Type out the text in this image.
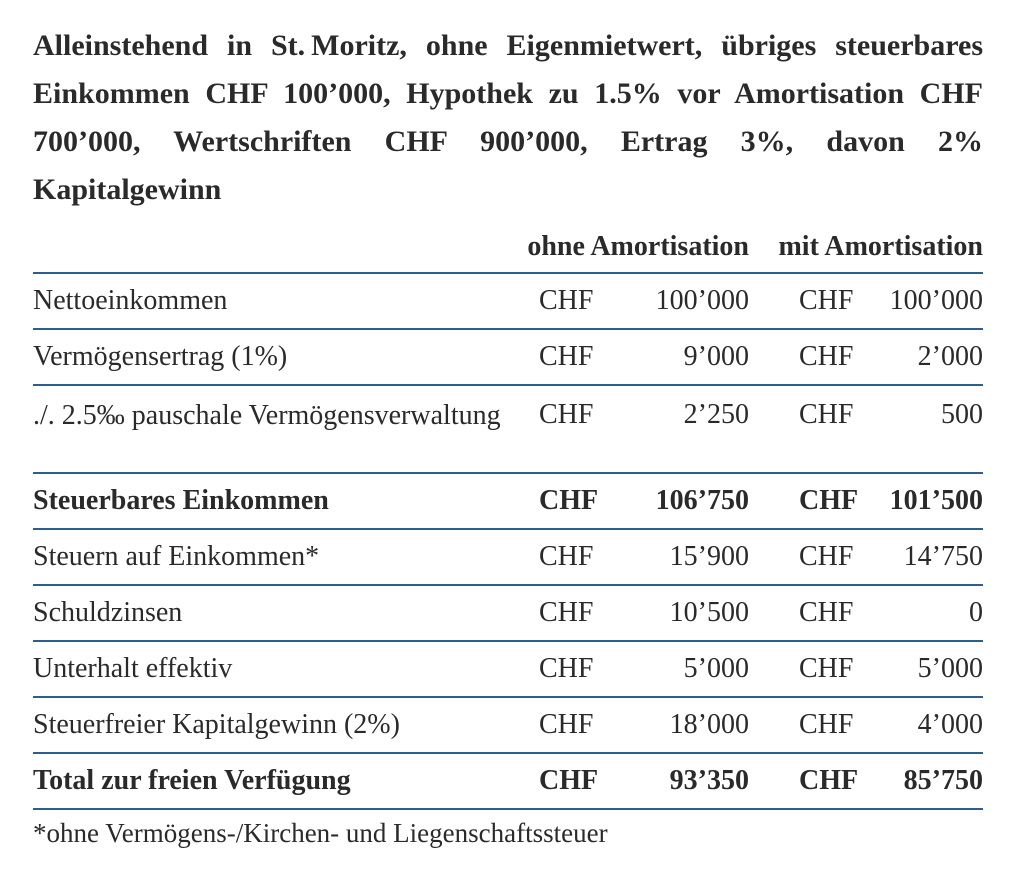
Alleinstehend in St. Moritz, ohne Eigenmietwert, übriges steuerbares Einkommen CHF 100’000, Hypothek zu 1.5% vor Amortisation CHF 700’000, Wertschriften CHF 900’000, Ertrag 3%, davon 2% Kapitalgewinn
	ohne Amortisation		mit Amortisation	
Nettoeinkommen	CHF	100’000	CHF	100’000
Vermögensertrag (1%)	CHF	9’000	CHF	2’000
./. 2.5‰ pauschale Vermögensverwaltung	CHF	2’250	CHF	500
Steuerbares Einkommen	CHF	106’750	CHF	101’500
Steuern auf Einkommen*	CHF	15’900	CHF	14’750
Schuldzinsen	CHF	10’500	CHF	0
Unterhalt effektiv	CHF	5’000	CHF	5’000
Steuerfreier Kapitalgewinn (2%)	CHF	18’000	CHF	4’000
Total zur freien Verfügung	CHF	93’350	CHF	85’750
*ohne Vermögens-/Kirchen- und Liegenschaftssteuer
